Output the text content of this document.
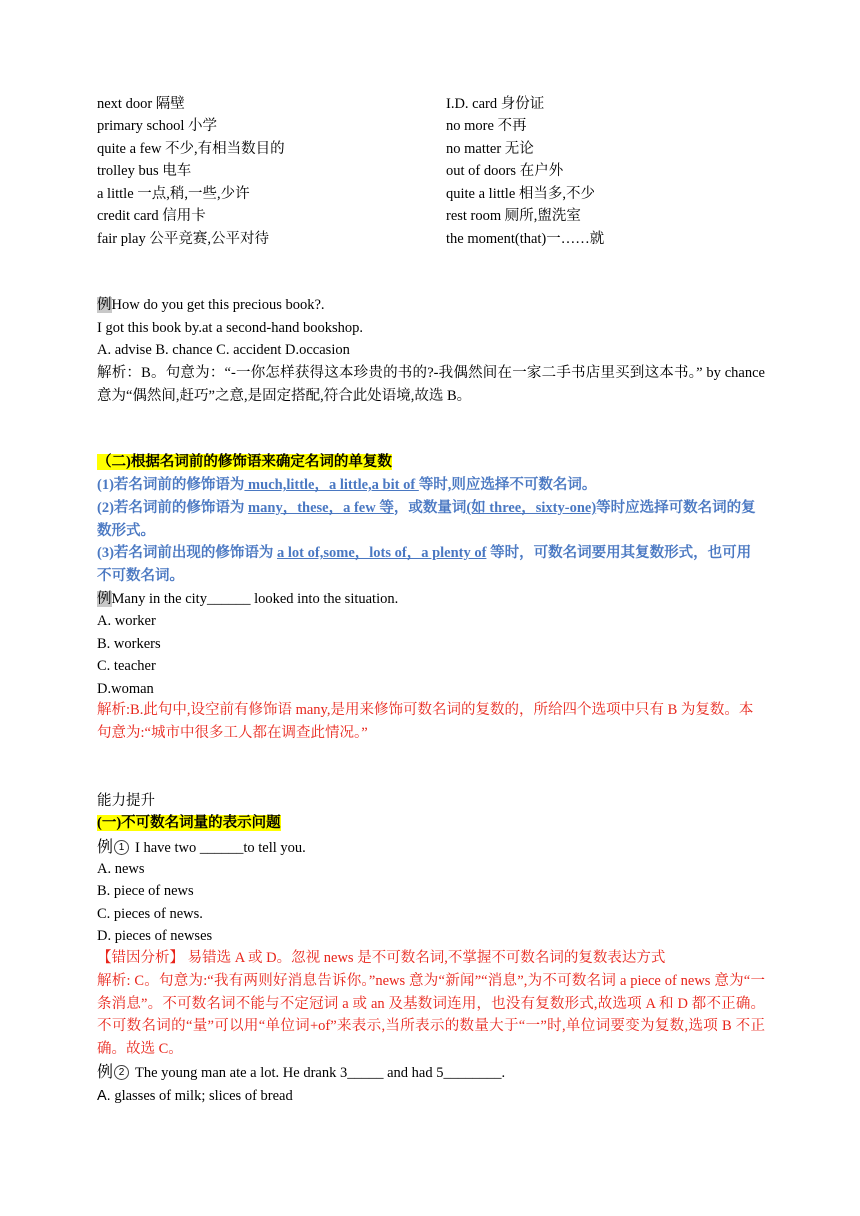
next door 隔壁
primary school 小学
quite a few 不少,有相当数目的
trolley bus 电车
a little 一点,稍,一些,少许
credit card 信用卡
fair play 公平竞赛,公平对待
I.D. card 身份证
no more 不再
no matter 无论
out of doors 在户外
quite a little 相当多,不少
rest room 厕所,盥洗室
the moment(that)一……就
例How do you get this precious book?.
I got this book by.at a second-hand bookshop.
A. advise B. chance C. accident D.occasion
解析：B。句意为：“-一你怎样获得这本珍贵的书的?-我偶然间在一家二手书店里买到这本书。” by chance 意为“偶然间,赶巧”之意,是固定搭配,符合此处语境,故选 B。
（二)根据名词前的修饰语来确定名词的单复数
(1)若名词前的修饰语为 much,little，a little,a bit of 等时,则应选择不可数名词。
(2)若名词前的修饰语为 many，these，a few 等，或数量词(如 three，sixty-one)等时应选择可数名词的复数形式。
(3)若名词前出现的修饰语为 a lot of,some，lots of，a plenty of 等时，可数名词要用其复数形式，也可用不可数名词。
例Many in the city______ looked into the situation.
A. worker
B. workers
C. teacher
D.woman
解析:B.此句中,设空前有修饰语 many,是用来修饰可数名词的复数的，所给四个选项中只有 B 为复数。本句意为:“城市中很多工人都在调查此情况。”
能力提升
(一)不可数名词量的表示问题
例 1 I have two ______to tell you.
A. news
B. piece of news
C. pieces of news.
D. pieces of newses
【错因分析】 易错选 A 或 D。忽视 news 是不可数名词,不掌握不可数名词的复数表达方式
解析: C。句意为:“我有两则好消息告诉你。”news 意为“新闻”“消息”,为不可数名词 a piece of news 意为“一条消息”。不可数名词不能与不定冠词 a 或 an 及基数词连用，也没有复数形式,故选项 A 和 D 都不正确。不可数名词的“量”可以用“单位词+of”来表示,当所表示的数量大于“一”时,单位词要变为复数,选项 B 不正确。故选 C。
例 2 The young man ate a lot. He drank 3_____ and had 5________.
A. glasses of milk; slices of bread
